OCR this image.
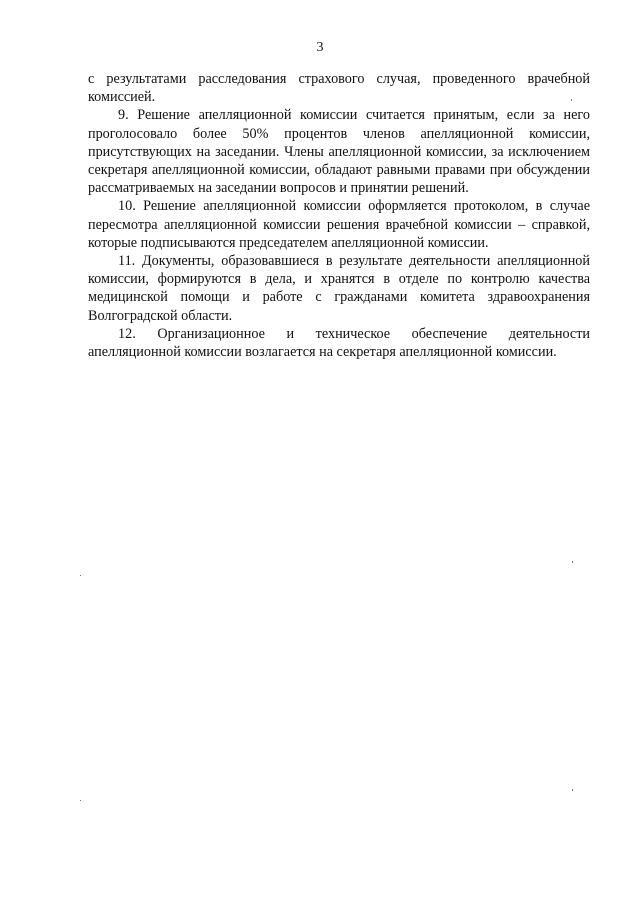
3

с результатами расследования страхового случая, проведенного врачебной комиссией.

9. Решение апелляционной комиссии считается принятым, если за него проголосовало более 50% процентов членов апелляционной комиссии, присутствующих на заседании. Члены апелляционной комиссии, за исключением секретаря апелляционной комиссии, обладают равными правами при обсуждении рассматриваемых на заседании вопросов и принятии решений.

10. Решение апелляционной комиссии оформляется протоколом, в случае пересмотра апелляционной комиссии решения врачебной комиссии – справкой, которые подписываются председателем апелляционной комиссии.

11. Документы, образовавшиеся в результате деятельности апелляционной комиссии, формируются в дела, и хранятся в отделе по контролю качества медицинской помощи и работе с гражданами комитета здравоохранения Волгоградской области.

12. Организационное и техническое обеспечение деятельности апелляционной комиссии возлагается на секретаря апелляционной комиссии.
